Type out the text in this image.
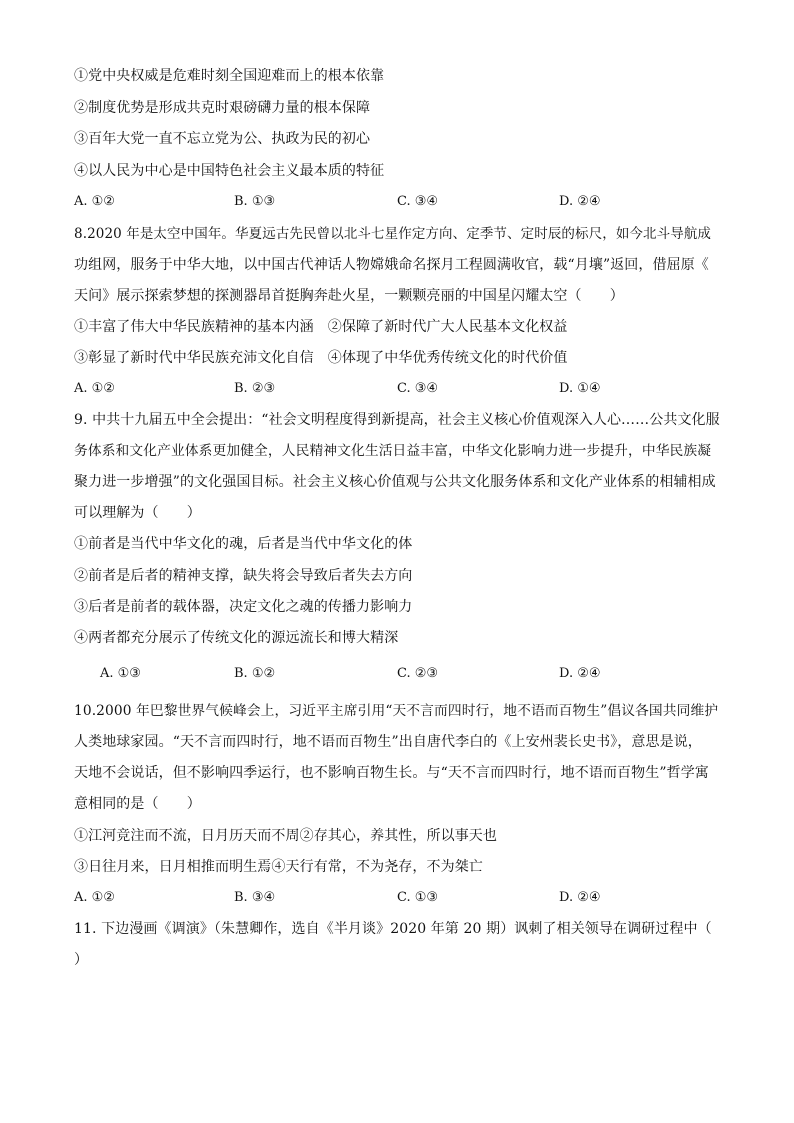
①党中央权威是危难时刻全国迎难而上的根本依靠
②制度优势是形成共克时艰磅礴力量的根本保障
③百年大党一直不忘立党为公、执政为民的初心
④以人民为中心是中国特色社会主义最本质的特征
A. ①②	B. ①③	C. ③④	D. ②④
8.2020 年是太空中国年。华夏远古先民曾以北斗七星作定方向、定季节、定时辰的标尺，如今北斗导航成
功组网，服务于中华大地，以中国古代神话人物嫦娥命名探月工程圆满收官，载“月壤”返回，借屈原《
天问》展示探索梦想的探测器昂首挺胸奔赴火星，一颗颗亮丽的中国星闪耀太空（　　）
①丰富了伟大中华民族精神的基本内涵　②保障了新时代广大人民基本文化权益
③彰显了新时代中华民族充沛文化自信　④体现了中华优秀传统文化的时代价值
A. ①②	B. ②③	C. ③④	D. ①④
9. 中共十九届五中全会提出：“社会文明程度得到新提高，社会主义核心价值观深入人心……公共文化服
务体系和文化产业体系更加健全，人民精神文化生活日益丰富，中华文化影响力进一步提升，中华民族凝
聚力进一步增强”的文化强国目标。社会主义核心价值观与公共文化服务体系和文化产业体系的相辅相成
可以理解为（　　）
①前者是当代中华文化的魂，后者是当代中华文化的体
②前者是后者的精神支撑，缺失将会导致后者失去方向
③后者是前者的载体器，决定文化之魂的传播力影响力
④两者都充分展示了传统文化的源远流长和博大精深
A. ①③	B. ①②	C. ②③	D. ②④
10.2000 年巴黎世界气候峰会上，习近平主席引用“天不言而四时行，地不语而百物生”倡议各国共同维护
人类地球家园。“天不言而四时行，地不语而百物生”出自唐代李白的《上安州裴长史书》，意思是说，
天地不会说话，但不影响四季运行，也不影响百物生长。与“天不言而四时行，地不语而百物生”哲学寓
意相同的是（　　）
①江河竞注而不流，日月历天而不周②存其心，养其性，所以事天也
③日往月来，日月相推而明生焉④天行有常，不为尧存，不为桀亡
A. ①②	B. ③④	C. ①③	D. ②④
11. 下边漫画《调演》（朱慧卿作，选自《半月谈》2020 年第 20 期）讽刺了相关领导在调研过程中（
）
